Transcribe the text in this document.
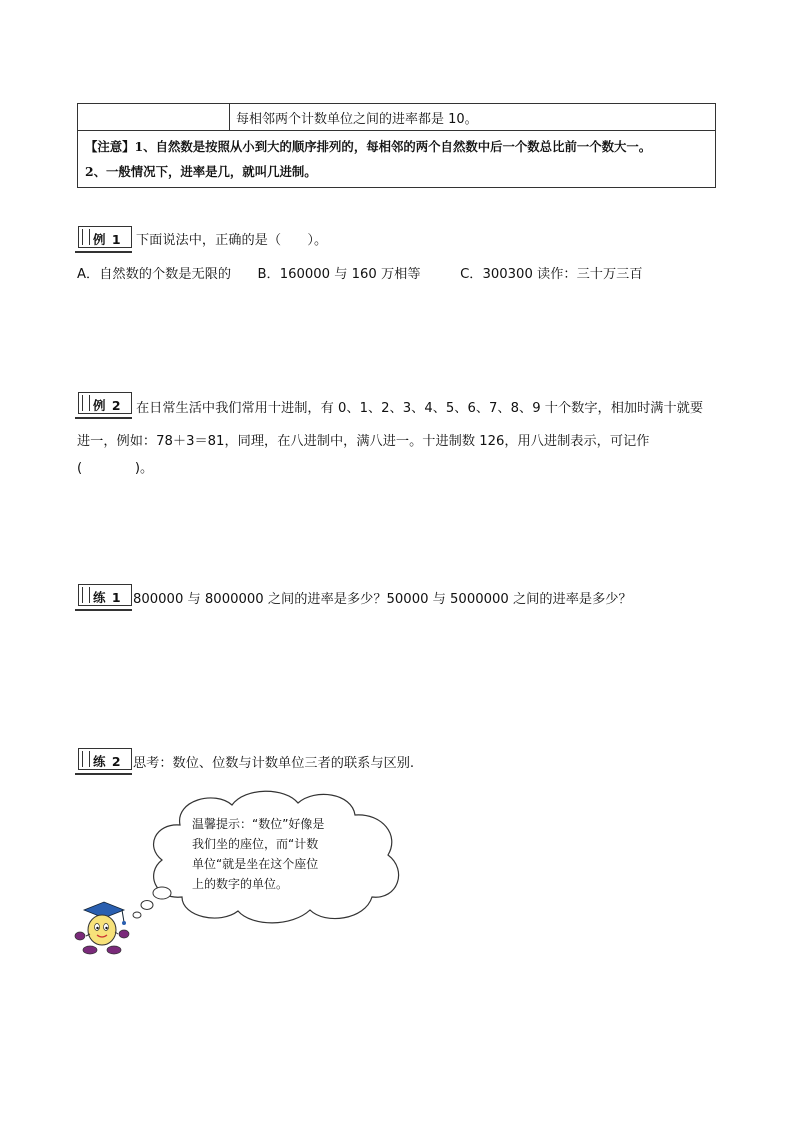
每相邻两个计数单位之间的进率都是 10。
【注意】1、自然数是按照从小到大的顺序排列的，每相邻的两个自然数中后一个数总比前一个数大一。
2、一般情况下，进率是几，就叫几进制。
例 1 下面说法中，正确的是（　　）。
A．自然数的个数是无限的　　B．160000 与 160 万相等　　　C．300300 读作：三十万三百
例 2 在日常生活中我们常用十进制，有 0、1、2、3、4、5、6、7、8、9 十个数字，相加时满十就要
进一，例如：78＋3＝81，同理，在八进制中，满八进一。十进制数 126，用八进制表示，可记作
(　　　　)。
练 1 800000 与 8000000 之间的进率是多少？50000 与 5000000 之间的进率是多少？
练 2 思考：数位、位数与计数单位三者的联系与区别.
温馨提示：“数位”好像是
我们坐的座位，而“计数
单位“就是坐在这个座位
上的数字的单位。
